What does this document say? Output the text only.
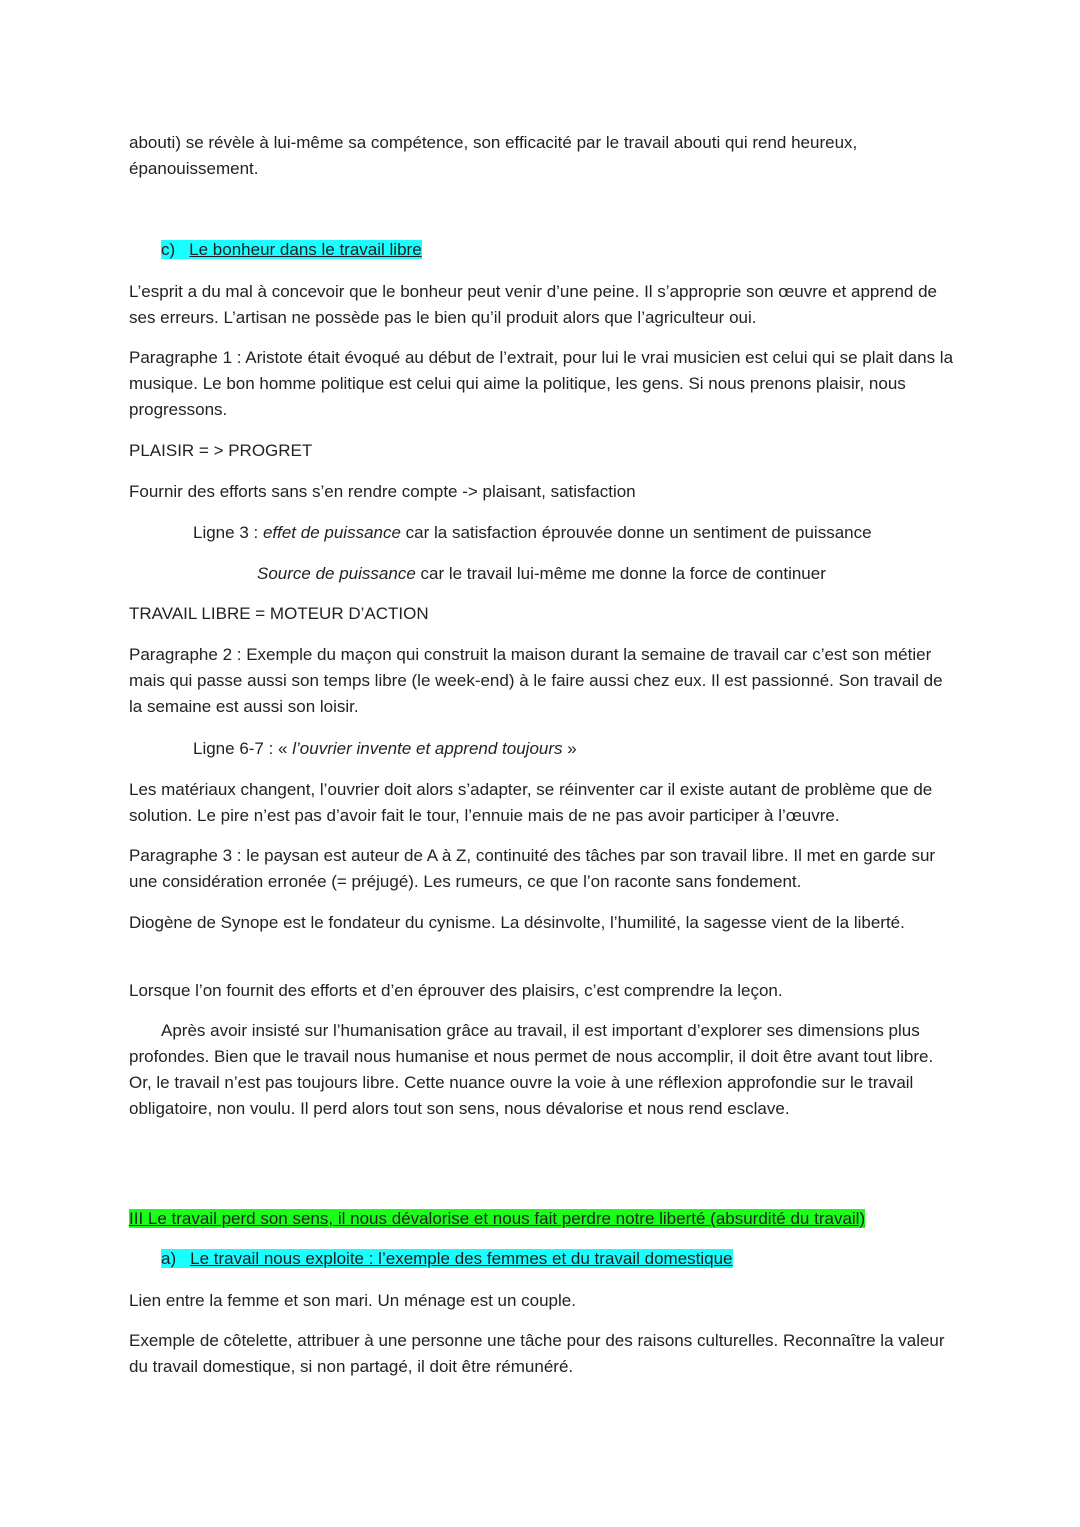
abouti) se révèle à lui-même sa compétence, son efficacité par le travail abouti qui rend heureux, épanouissement.

c) Le bonheur dans le travail libre

L’esprit a du mal à concevoir que le bonheur peut venir d’une peine. Il s’approprie son œuvre et apprend de ses erreurs. L’artisan ne possède pas le bien qu’il produit alors que l’agriculteur oui.

Paragraphe 1 : Aristote était évoqué au début de l’extrait, pour lui le vrai musicien est celui qui se plait dans la musique. Le bon homme politique est celui qui aime la politique, les gens. Si nous prenons plaisir, nous progressons.

PLAISIR = > PROGRET

Fournir des efforts sans s’en rendre compte -> plaisant, satisfaction

Ligne 3 : effet de puissance car la satisfaction éprouvée donne un sentiment de puissance

Source de puissance car le travail lui-même me donne la force de continuer

TRAVAIL LIBRE = MOTEUR D’ACTION

Paragraphe 2 : Exemple du maçon qui construit la maison durant la semaine de travail car c’est son métier mais qui passe aussi son temps libre (le week-end) à le faire aussi chez eux. Il est passionné. Son travail de la semaine est aussi son loisir.

Ligne 6-7 : « l’ouvrier invente et apprend toujours »

Les matériaux changent, l’ouvrier doit alors s’adapter, se réinventer car il existe autant de problème que de solution. Le pire n’est pas d’avoir fait le tour, l’ennuie mais de ne pas avoir participer à l’œuvre.

Paragraphe 3 : le paysan est auteur de A à Z, continuité des tâches par son travail libre. Il met en garde sur une considération erronée (= préjugé). Les rumeurs, ce que l’on raconte sans fondement.

Diogène de Synope est le fondateur du cynisme. La désinvolte, l’humilité, la sagesse vient de la liberté.

Lorsque l’on fournit des efforts et d’en éprouver des plaisirs, c’est comprendre la leçon.

Après avoir insisté sur l’humanisation grâce au travail, il est important d’explorer ses dimensions plus profondes. Bien que le travail nous humanise et nous permet de nous accomplir, il doit être avant tout libre. Or, le travail n’est pas toujours libre. Cette nuance ouvre la voie à une réflexion approfondie sur le travail obligatoire, non voulu. Il perd alors tout son sens, nous dévalorise et nous rend esclave.

III Le travail perd son sens, il nous dévalorise et nous fait perdre notre liberté (absurdité du travail)

a) Le travail nous exploite : l’exemple des femmes et du travail domestique

Lien entre la femme et son mari. Un ménage est un couple.

Exemple de côtelette, attribuer à une personne une tâche pour des raisons culturelles. Reconnaître la valeur du travail domestique, si non partagé, il doit être rémunéré.
